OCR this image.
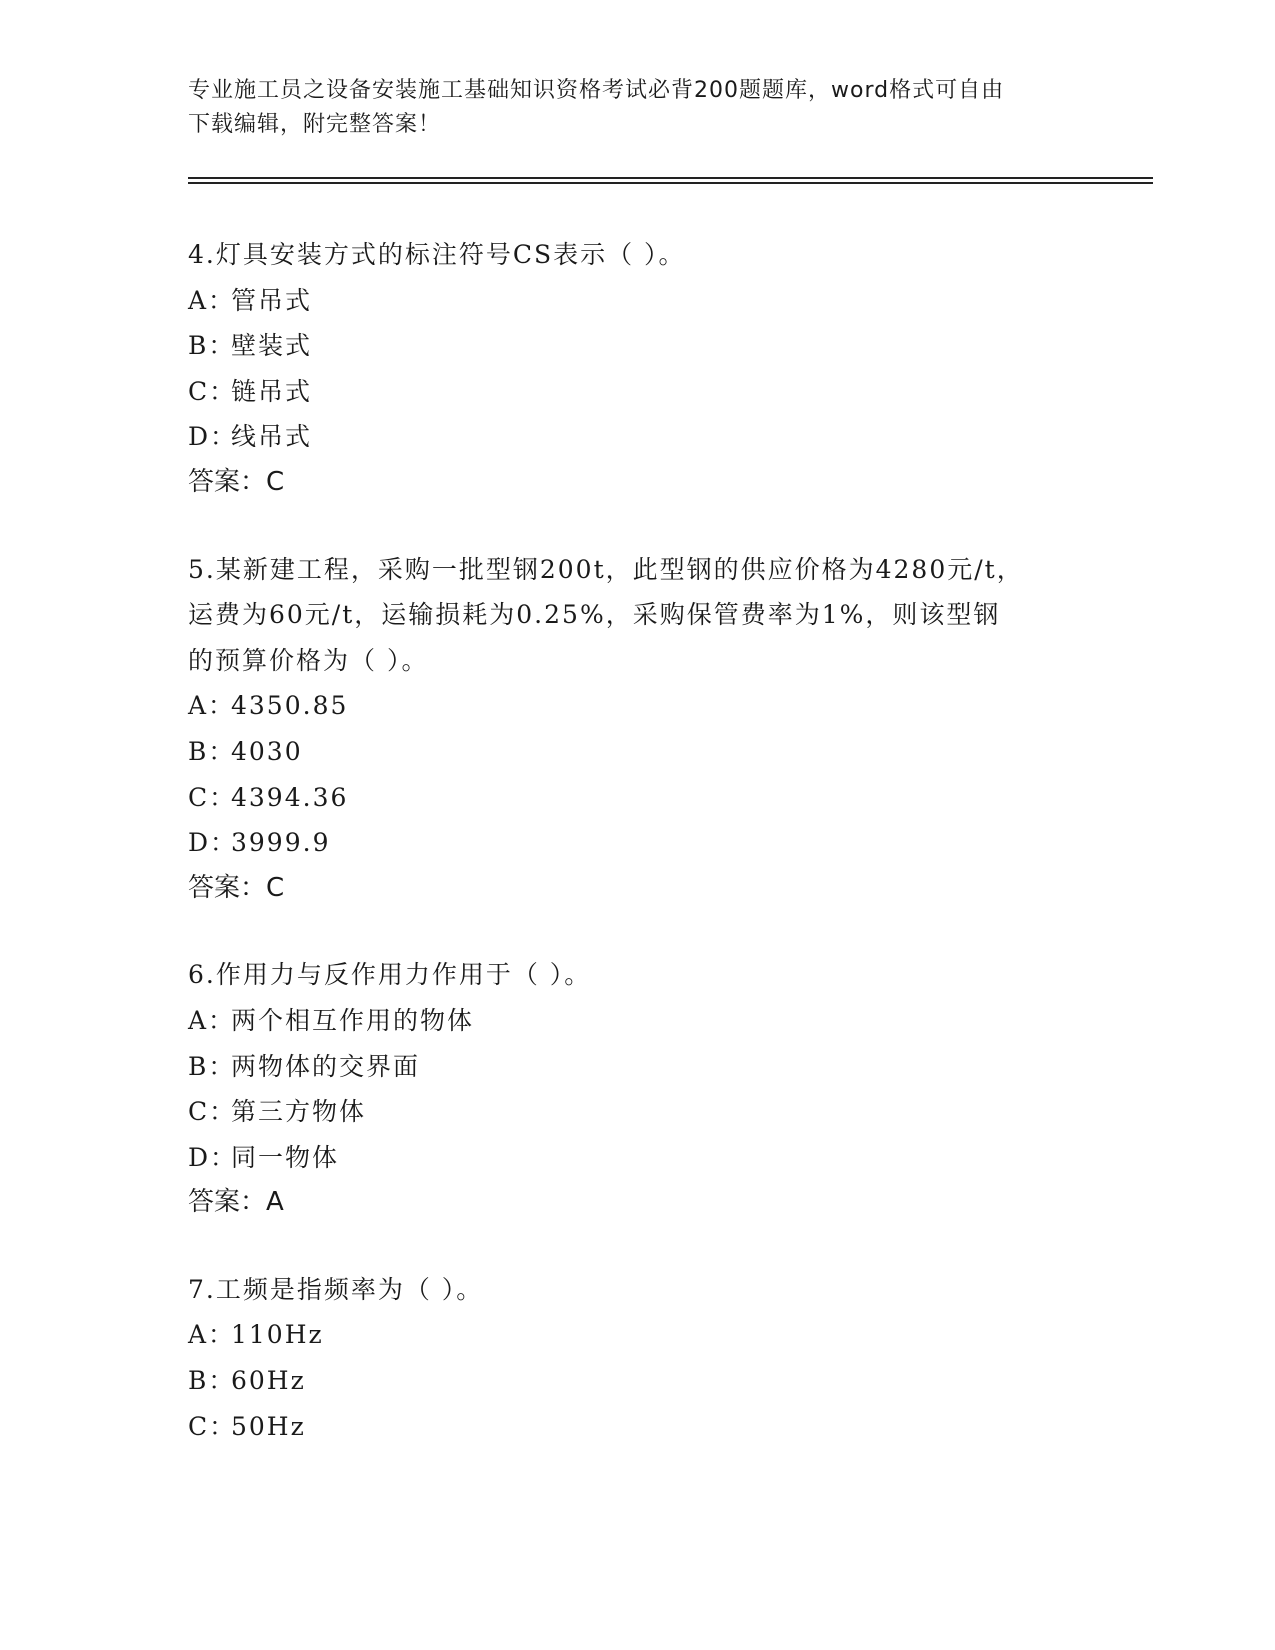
专业施工员之设备安装施工基础知识资格考试必背200题题库，word格式可自由
下载编辑，附完整答案！
4.灯具安装方式的标注符号CS表示（ ）。
A：管吊式
B：壁装式
C：链吊式
D：线吊式
答案：C
5.某新建工程，采购一批型钢200t，此型钢的供应价格为4280元/t，
运费为60元/t，运输损耗为0.25%，采购保管费率为1%，则该型钢
的预算价格为（ ）。
A：4350.85
B：4030
C：4394.36
D：3999.9
答案：C
6.作用力与反作用力作用于（ ）。
A：两个相互作用的物体
B：两物体的交界面
C：第三方物体
D：同一物体
答案：A
7.工频是指频率为（ ）。
A：110Hz
B：60Hz
C：50Hz
